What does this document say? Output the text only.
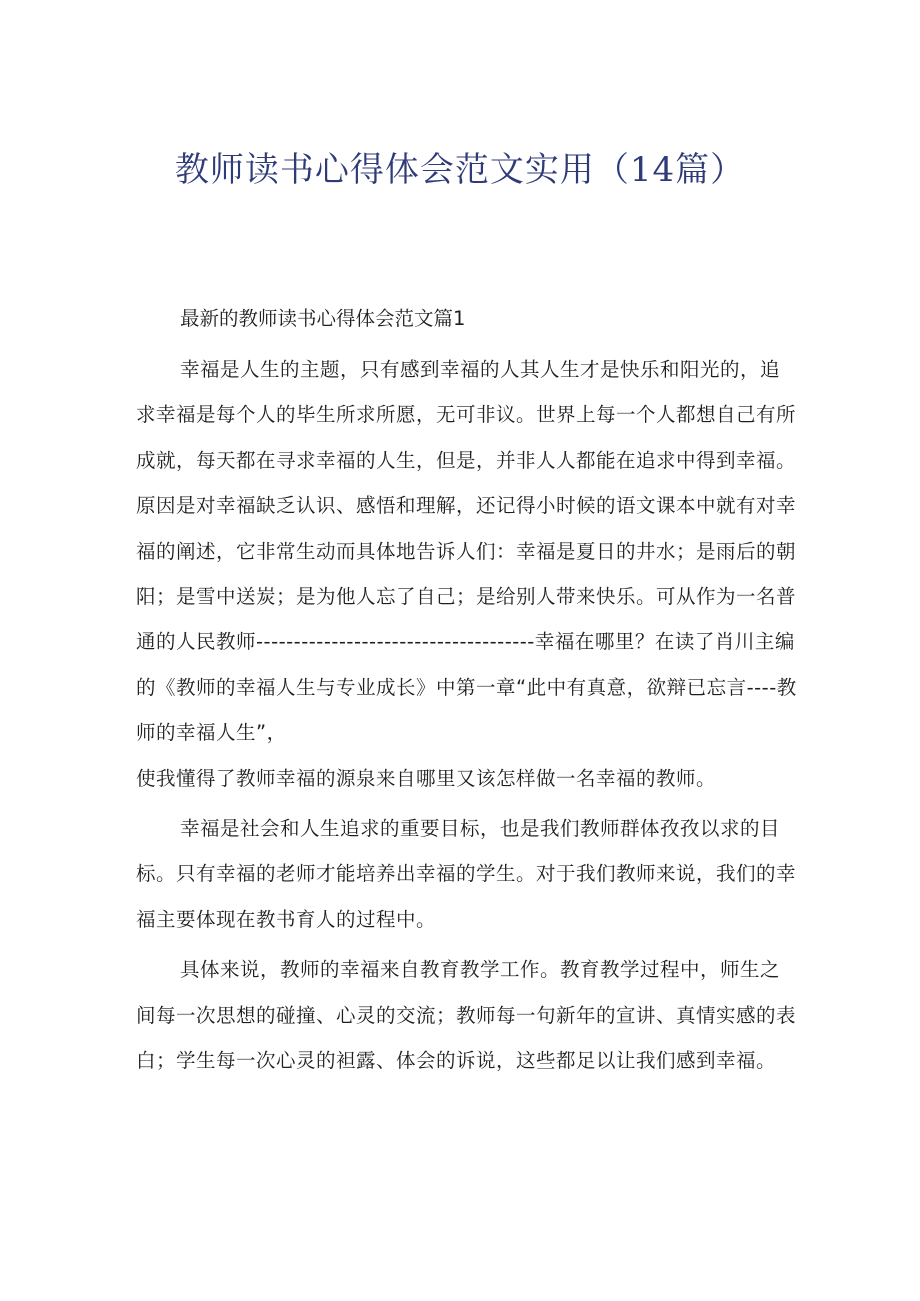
教师读书心得体会范文实用（14篇）
最新的教师读书心得体会范文篇1

幸福是人生的主题，只有感到幸福的人其人生才是快乐和阳光的，追求幸福是每个人的毕生所求所愿，无可非议。世界上每一个人都想自己有所成就，每天都在寻求幸福的人生，但是，并非人人都能在追求中得到幸福。原因是对幸福缺乏认识、感悟和理解，还记得小时候的语文课本中就有对幸福的阐述，它非常生动而具体地告诉人们：幸福是夏日的井水；是雨后的朝阳；是雪中送炭；是为他人忘了自己；是给别人带来快乐。可从作为一名普通的人民教师-------------------------------------幸福在哪里？在读了肖川主编的《教师的幸福人生与专业成长》中第一章“此中有真意，欲辩已忘言----教师的幸福人生”，

使我懂得了教师幸福的源泉来自哪里又该怎样做一名幸福的教师。

幸福是社会和人生追求的重要目标，也是我们教师群体孜孜以求的目标。只有幸福的老师才能培养出幸福的学生。对于我们教师来说，我们的幸福主要体现在教书育人的过程中。

具体来说，教师的幸福来自教育教学工作。教育教学过程中，师生之间每一次思想的碰撞、心灵的交流；教师每一句新年的宣讲、真情实感的表白；学生每一次心灵的袒露、体会的诉说，这些都足以让我们感到幸福。
